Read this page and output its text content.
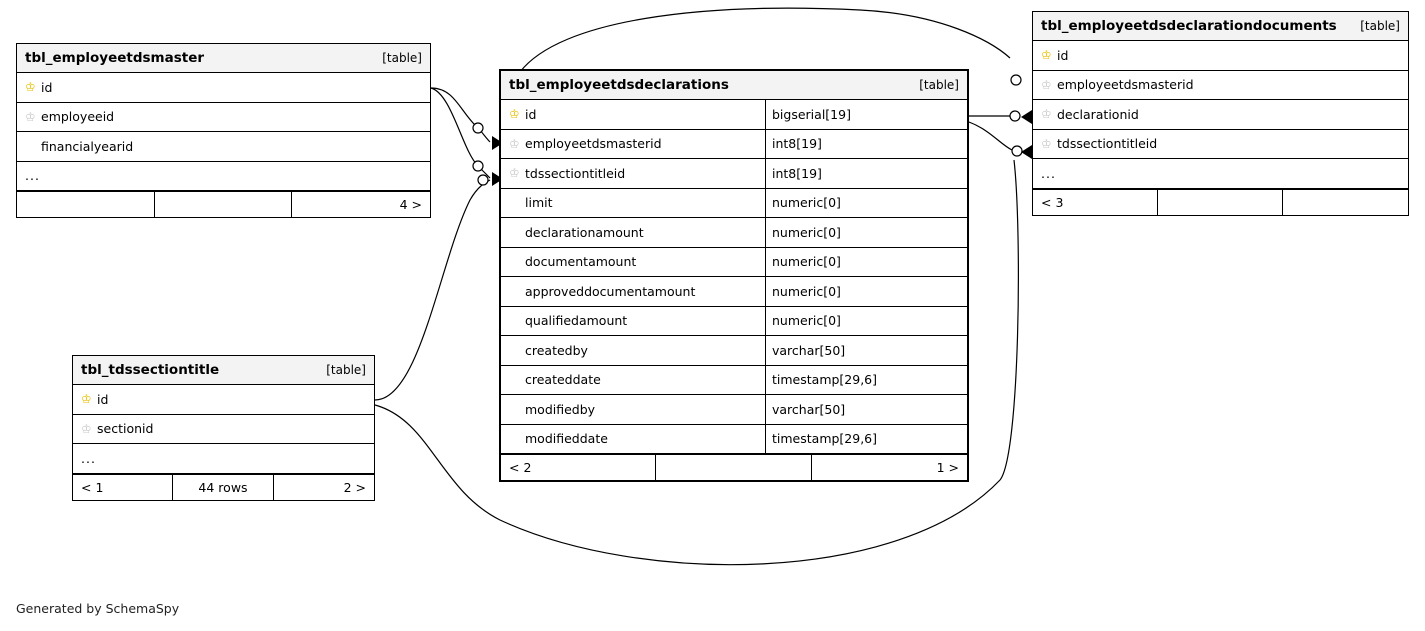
tbl_employeetdsmaster	[table]
♔ id
♔ employeeid
financialyearid
...
4 >
tbl_tdssectiontitle	[table]
♔ id
♔ sectionid
...
< 1	44 rows	2 >
tbl_employeetdsdeclarations	[table]
♔ id	bigserial[19]
♔ employeetdsmasterid	int8[19]
♔ tdssectiontitleid	int8[19]
limit	numeric[0]
declarationamount	numeric[0]
documentamount	numeric[0]
approveddocumentamount	numeric[0]
qualifiedamount	numeric[0]
createdby	varchar[50]
createddate	timestamp[29,6]
modifiedby	varchar[50]
modifieddate	timestamp[29,6]
< 2	1 >
tbl_employeetdsdeclarationdocuments [table]
♔ id
♔ employeetdsmasterid
♔ declarationid
♔ tdssectiontitleid
...
< 3
Generated by SchemaSpy
